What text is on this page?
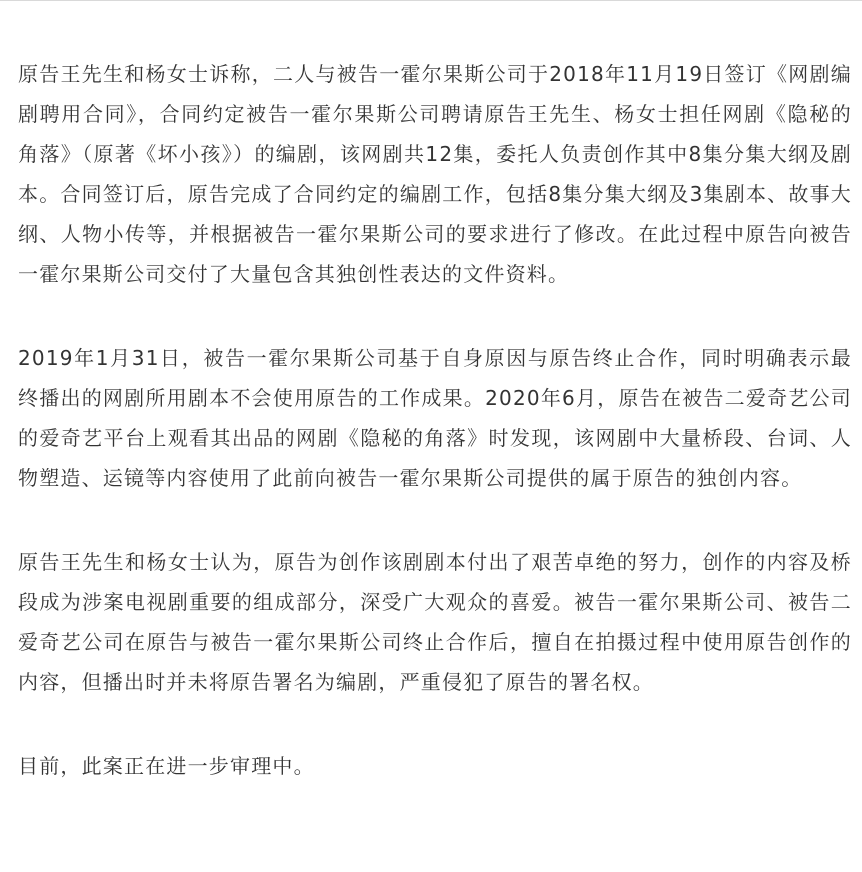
原告王先生和杨女士诉称，二人与被告一霍尔果斯公司于2018年11月19日签订《网剧编剧聘用合同》，合同约定被告一霍尔果斯公司聘请原告王先生、杨女士担任网剧《隐秘的角落》（原著《坏小孩》）的编剧，该网剧共12集，委托人负责创作其中8集分集大纲及剧本。合同签订后，原告完成了合同约定的编剧工作，包括8集分集大纲及3集剧本、故事大纲、人物小传等，并根据被告一霍尔果斯公司的要求进行了修改。在此过程中原告向被告一霍尔果斯公司交付了大量包含其独创性表达的文件资料。

2019年1月31日，被告一霍尔果斯公司基于自身原因与原告终止合作，同时明确表示最终播出的网剧所用剧本不会使用原告的工作成果。2020年6月，原告在被告二爱奇艺公司的爱奇艺平台上观看其出品的网剧《隐秘的角落》时发现，该网剧中大量桥段、台词、人物塑造、运镜等内容使用了此前向被告一霍尔果斯公司提供的属于原告的独创内容。

原告王先生和杨女士认为，原告为创作该剧剧本付出了艰苦卓绝的努力，创作的内容及桥段成为涉案电视剧重要的组成部分，深受广大观众的喜爱。被告一霍尔果斯公司、被告二爱奇艺公司在原告与被告一霍尔果斯公司终止合作后，擅自在拍摄过程中使用原告创作的内容，但播出时并未将原告署名为编剧，严重侵犯了原告的署名权。

目前，此案正在进一步审理中。
